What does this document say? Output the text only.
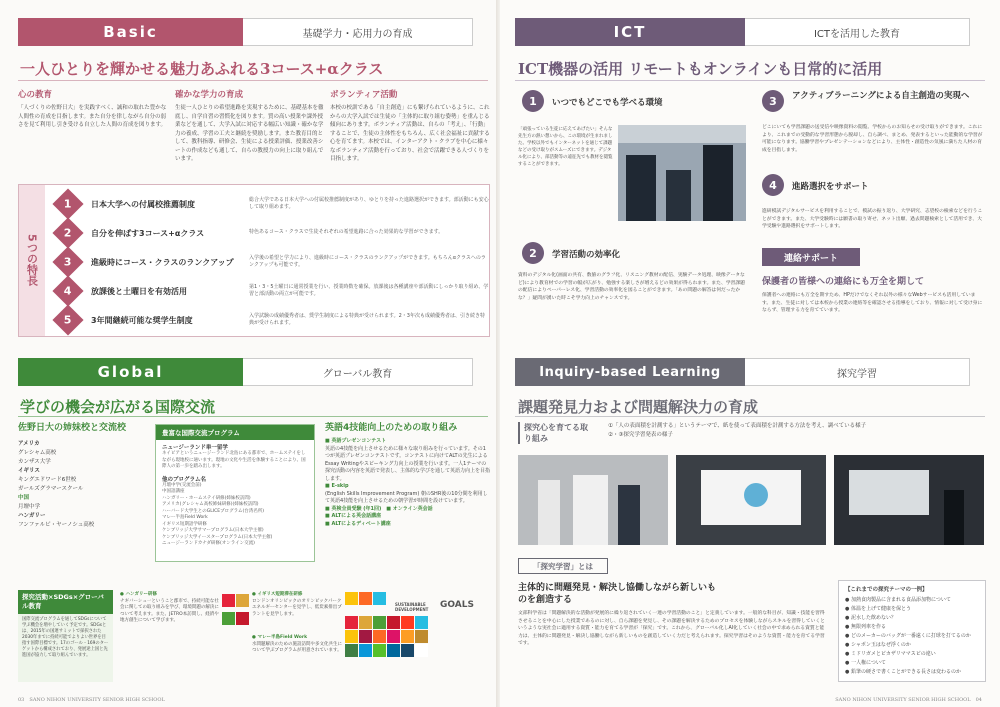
Basic	基礎学力・応用力の育成
一人ひとりを輝かせる魅力あふれる3コース+αクラス
心の教育
「人づくりの佐野日大」を実践すべく、誠和の取れた豊かな人間性の育成を目指します。また自分を律しながら自分の弱さを見て利用し引き受ける自立した人間の育成を図ります。
確かな学力の育成
生徒一人ひとりの希望進路を実現するために、基礎基本を徹底し、自学自習の習慣化を図ります。質の高い授業や課外授業などを通して、大学入試に対応する幅広い知識・確かな学力の養成、学習の工夫と継続を奨励します。また教育目的として、教科指導、研修会、生徒による授業評価、授業改善シートの作成なども通して、自らの教授力の向上に取り組んでいます。
ボランティア活動
本校の校訓である「自主創造」にも繋げられているように、これからの大学入試では生徒の「主体的に取り組む姿勢」を重んじる傾向にあります。ボランティア活動は、自らの「考え」、「行動」することで、生徒の主体性をもちろん、広く社会福祉に貢献する心を育てます。本校では、インターアクト・クラブを中心に様々なボランティア活動を行っており、社会で活躍できる人づくりを目指します。
5つの特長
1 日本大学への付属校推薦制度	総合大学である日本大学への付属校推薦制度があり、ゆとりを持った進路選択ができます。部活動にも安心して取り組めます。
2 自分を伸ばす3コース+αクラス	特色あるコース・クラスで生徒それぞれの希望進路に合った効果的な学習ができます。
3 進級時にコース・クラスのランクアップ	入学後の希望と学力により、進級時にコース・クラスのランクアップができます。もちろんαクラスへのランクアップも可能です。
4 放課後と土曜日を有効活用	第1・3・5土曜日に通常授業を行い、授業時数を確保。放課後は各種講座や部活動にしっかり取り組め、学習と部活動の両立が可能です。
5 3年間継続可能な奨学生制度	入学試験の成績優秀者は、奨学生制度による特典が受けられます。2・3年次も成績優秀者は、引き続き特典が受けられます。
Global	グローバル教育
学びの機会が広がる国際交流
佐野日大の姉妹校と交流校
アメリカ
グレシャム高校
カンザス大学
イギリス
キングエドワード6世校
ガールズグラマースクール
中国
月壇中学
ハンガリー
フンファルビ・ヤーノシュ高校
豊富な国際交流プログラム
ニュージーランド単一留学
ネイピアというニュージーランド北島にある都市で、ホームステイをしながら現地校に通います。現地の文化や生活を体験することにより、国際人の第一歩を踏み出します。
他のプログラム名
月壇中学(交流会前)
中国語講座
ハンガリー・ホームステイ研修(姉妹校訪問)
アメリカ(グレシャム高校姉妹研修)(姉妹校訪問)
ハーバード大学生とのGLICEプログラム(台湾名所)
マレー半島Field Work
イギリス短期語学研修
ケンブリッジ大学サマープログラム(日本大学主催)
ケンブリッジ大学イースタープログラム(日本大学主催)
ニュージーランドカナダ研修(オンライン交流)
英語4技能向上のための取り組み
■ 英語プレゼンコンテスト
英語の4技能を向上させるために様々な取り組みを行っています。その1つが英語プレゼンコンテストです。コンテストに向けてALTの先生によるEssay Writingやスピーキング力向上の授業を行います。一人1テーマの探究活動の内容を英語で発表し、主体的な学びを通して英語力向上を目指します。
■ E-skip
(English Skills Improvement Program) 朝のSHR後の10分間を利用して英語4技能を向上させるための朝学習が時間を設けています。
■ 英検全員受験 (年1回)　■ オンライン英会話
■ ALTによる英会話講座
■ ALTによるディベート講座
探究活動×SDGs×グローバル教育
国際交流プログラムを通してSDGsについて学ぶ機会を増やしていく予定です。SDGsとは、2015年の国連サミットで採択された2030年までに持続可能でよりよい世界を目指す国際目標です。17のゴール・169のターゲットから構成されており、発展途上国と先進国が協力して取り組んでいます。
● ハンガリー研修
ナギバーシュ一ということ郡市で、持続可能な社会に関しての取り組みを学び、環境問題の解決について考えます。また、JETRO本訪問し、経済や地方創生について学びます。
● イギリス短期滞在研修
ロンドンオリンピックのオリンピックパークエネルギーセンターを見学し、低炭素排出プラントを見学します。
● マレー半島Field Work
水問題解決のための施設訪問や多文化共生について学ぶプログラムが用意されています。
SUSTAINABLE
DEVELOPMENT GOALS
03　 SANO NIHON UNIVERSITY SENIOR HIGH SCHOOL
ICT	ICTを活用した教育
ICT機器の活用 リモートもオンラインも日常的に活用
1 いつでもどこでも学べる環境
「頑張っている生徒に応えてあげたい」そんな先生方の熱い想いから、この環境が生まれました。学校以外でもインターネットを通じて課題などの受け取りがスムーズにできます。デジタル化により、部活動等の遠征先でも教材を閲覧することができます。
2 学習活動の効率化
資料のデジタル化(画面の共有、数値のグラフ化、リスニング教材の配信、実験データ処理、映像データなど)により教育材での学習の幅が広がり、勉強する楽しさが増えるどの効果が得られます。また、学習課題の配信によりペーパーレス化、学習活動の効率化を図ることができます。「あの問題の解答は何だったかな？」疑問が湧いた時こそ学力向上のチャンスです。
3 アクティブラーニングによる自主創造の実現へ
どこにいても学習課題の送受信や映像資料の閲覧、学校からのお知らせの受け取りができます。これにより、これまでの受動的な学習形態から脱却し、自ら調べ、まとめ、発表するといった能動的な学習が可能になります。協働学習やプレゼンテーションなどにより、主体性・創造性の気風に満ちた人材の育成を目指します。
4 進路選択をサポート
進研模試デジタルサービスを利用することで、模試の振り返り、大学研究、志望校の検索などを行うことができます。また、大学受験時には願書の取り寄せ、ネット出願、過去問題検索として活用でき、大学受験や進路選択をサポートします。
連絡サポート
保護者の皆様への連絡にも万全を期して
保護者への連絡にも万全を期すため、HPだけでなくそれ以外の様々なWebサービスも活用しています。また、生徒に対しては本校から授業の連絡等を確認させる指導をしており、情報に対して受け身にならず、管理する力を育てています。
Inquiry-based Learning	探究学習
課題発見力および問題解決力の育成
探究心を育てる取り組み
①「人の表面積を計測する」というテーマで、紙を使って表面積を計測する方法を考え、調べている様子
②・③探究学習発表の様子
「探究学習」とは
主体的に問題発見・解決し協働しながら新しいものを創造する
文部科学省は「問題解決的な活動が発展的に繰り返されていく一連の学習活動のこと」と定義しています。一般的な科目が、知識・技能を習得させることを中心にした授業であるのに対し、自ら課題を発見し、その課題を解決するためのプロセスを体験しながらスキルを習得していくというような実社会に適用する資質・能力を育てる学習が「探究」です。これから、グローバル化しAI化していく社会の中で求められる資質と能力は、主体的に問題発見・解決し協働しながら新しいものを創造していく力だと考えられます。探究学習はそのような資質・能力を育てる学習です。
【これまでの探究テーマの一例】
● 加熱食肉製品に含まれる食品添加物について
● 体温を上げて健康を保とう
● 泥水した飲めない？
● 無限列車を作る
● どのメーカーのバッグが一番遠くに打球を打てるのか
● シャボン玉はなぜ浮くのか
● ミドリガメとピカザリママスピの違い
● 一人権について
● 鉛筆の硬さで書くことができる長さは変わるのか
SANO NIHON UNIVERSITY SENIOR HIGH SCHOOL　 04
